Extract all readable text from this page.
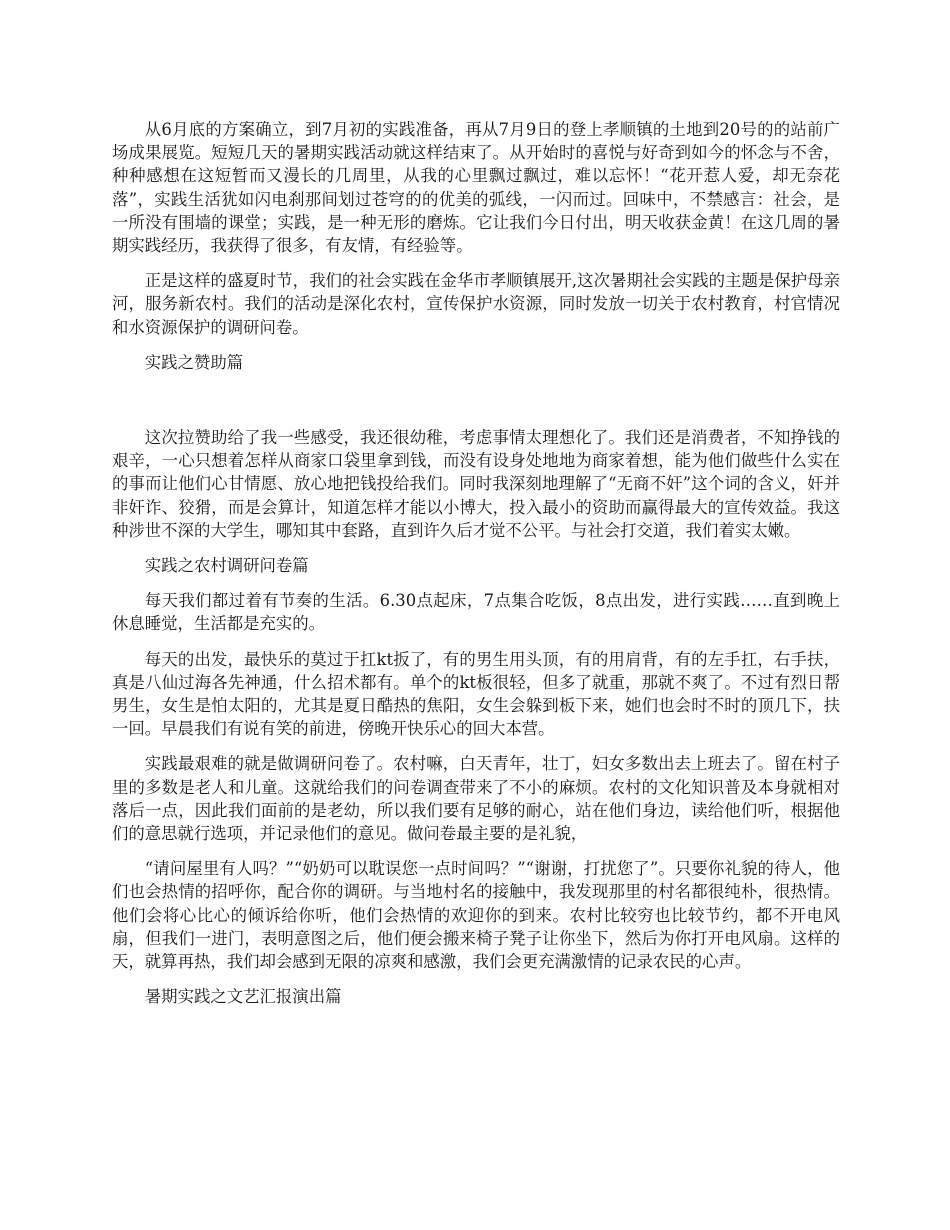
从6月底的方案确立，到7月初的实践准备，再从7月9日的登上孝顺镇的土地到20号的的站前广场成果展览。短短几天的暑期实践活动就这样结束了。从开始时的喜悦与好奇到如今的怀念与不舍，种种感想在这短暂而又漫长的几周里，从我的心里飘过飘过，难以忘怀！“花开惹人爱，却无奈花落”，实践生活犹如闪电刹那间划过苍穹的的优美的弧线，一闪而过。回味中，不禁感言：社会，是一所没有围墙的课堂；实践，是一种无形的磨炼。它让我们今日付出，明天收获金黄！在这几周的暑期实践经历，我获得了很多，有友情，有经验等。

正是这样的盛夏时节，我们的社会实践在金华市孝顺镇展开,这次暑期社会实践的主题是保护母亲河，服务新农村。我们的活动是深化农村，宣传保护水资源，同时发放一切关于农村教育，村官情况和水资源保护的调研问卷。

实践之赞助篇

这次拉赞助给了我一些感受，我还很幼稚，考虑事情太理想化了。我们还是消费者，不知挣钱的艰辛，一心只想着怎样从商家口袋里拿到钱，而没有设身处地地为商家着想，能为他们做些什么实在的事而让他们心甘情愿、放心地把钱投给我们。同时我深刻地理解了“无商不奸”这个词的含义，奸并非奸诈、狡猾，而是会算计，知道怎样才能以小博大，投入最小的资助而赢得最大的宣传效益。我这种涉世不深的大学生，哪知其中套路，直到许久后才觉不公平。与社会打交道，我们着实太嫩。

实践之农村调研问卷篇

每天我们都过着有节奏的生活。6.30点起床，7点集合吃饭，8点出发，进行实践……直到晚上休息睡觉，生活都是充实的。

每天的出发，最快乐的莫过于扛kt扳了，有的男生用头顶，有的用肩背，有的左手扛，右手扶，真是八仙过海各先神通，什么招术都有。单个的kt板很轻，但多了就重，那就不爽了。不过有烈日帮男生，女生是怕太阳的，尤其是夏日酷热的焦阳，女生会躲到板下来，她们也会时不时的顶几下，扶一回。早晨我们有说有笑的前进，傍晚开快乐心的回大本营。

实践最艰难的就是做调研问卷了。农村嘛，白天青年，壮丁，妇女多数出去上班去了。留在村子里的多数是老人和儿童。这就给我们的问卷调查带来了不小的麻烦。农村的文化知识普及本身就相对落后一点，因此我们面前的是老幼，所以我们要有足够的耐心，站在他们身边，读给他们听，根据他们的意思就行选项，并记录他们的意见。做问卷最主要的是礼貌，

“请问屋里有人吗？”“奶奶可以耽误您一点时间吗？”“谢谢，打扰您了”。只要你礼貌的待人，他们也会热情的招呼你，配合你的调研。与当地村名的接触中，我发现那里的村名都很纯朴，很热情。他们会将心比心的倾诉给你听，他们会热情的欢迎你的到来。农村比较穷也比较节约，都不开电风扇，但我们一进门，表明意图之后，他们便会搬来椅子凳子让你坐下，然后为你打开电风扇。这样的天，就算再热，我们却会感到无限的凉爽和感激，我们会更充满激情的记录农民的心声。

暑期实践之文艺汇报演出篇
